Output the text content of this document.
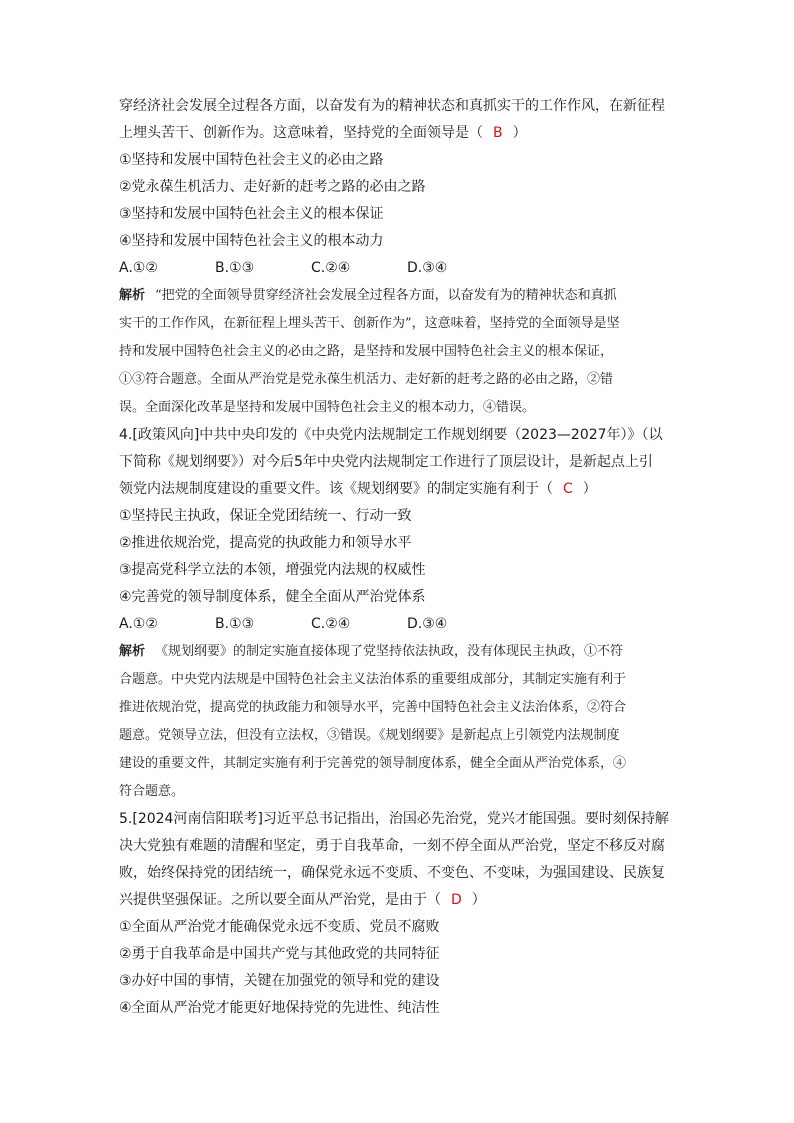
穿经济社会发展全过程各方面，以奋发有为的精神状态和真抓实干的工作作风，在新征程
上埋头苦干、创新作为。这意味着，坚持党的全面领导是（ B ）
①坚持和发展中国特色社会主义的必由之路
②党永葆生机活力、走好新的赶考之路的必由之路
③坚持和发展中国特色社会主义的根本保证
④坚持和发展中国特色社会主义的根本动力
A.①②	B.①③	C.②④	D.③④
解析 “把党的全面领导贯穿经济社会发展全过程各方面，以奋发有为的精神状态和真抓
实干的工作作风，在新征程上埋头苦干、创新作为”，这意味着，坚持党的全面领导是坚
持和发展中国特色社会主义的必由之路，是坚持和发展中国特色社会主义的根本保证，
①③符合题意。全面从严治党是党永葆生机活力、走好新的赶考之路的必由之路，②错
误。全面深化改革是坚持和发展中国特色社会主义的根本动力，④错误。
4.[政策风向]中共中央印发的《中央党内法规制定工作规划纲要（2023—2027年）》（以
下简称《规划纲要》）对今后5年中央党内法规制定工作进行了顶层设计，是新起点上引
领党内法规制度建设的重要文件。该《规划纲要》的制定实施有利于（ C ）
①坚持民主执政，保证全党团结统一、行动一致
②推进依规治党，提高党的执政能力和领导水平
③提高党科学立法的本领，增强党内法规的权威性
④完善党的领导制度体系，健全全面从严治党体系
A.①②	B.①③	C.②④	D.③④
解析 《规划纲要》的制定实施直接体现了党坚持依法执政，没有体现民主执政，①不符
合题意。中央党内法规是中国特色社会主义法治体系的重要组成部分，其制定实施有利于
推进依规治党，提高党的执政能力和领导水平，完善中国特色社会主义法治体系，②符合
题意。党领导立法，但没有立法权，③错误。《规划纲要》是新起点上引领党内法规制度
建设的重要文件，其制定实施有利于完善党的领导制度体系，健全全面从严治党体系，④
符合题意。
5.[2024河南信阳联考]习近平总书记指出，治国必先治党，党兴才能国强。要时刻保持解
决大党独有难题的清醒和坚定，勇于自我革命，一刻不停全面从严治党，坚定不移反对腐
败，始终保持党的团结统一，确保党永远不变质、不变色、不变味，为强国建设、民族复
兴提供坚强保证。之所以要全面从严治党，是由于（ D ）
①全面从严治党才能确保党永远不变质、党员不腐败
②勇于自我革命是中国共产党与其他政党的共同特征
③办好中国的事情，关键在加强党的领导和党的建设
④全面从严治党才能更好地保持党的先进性、纯洁性
